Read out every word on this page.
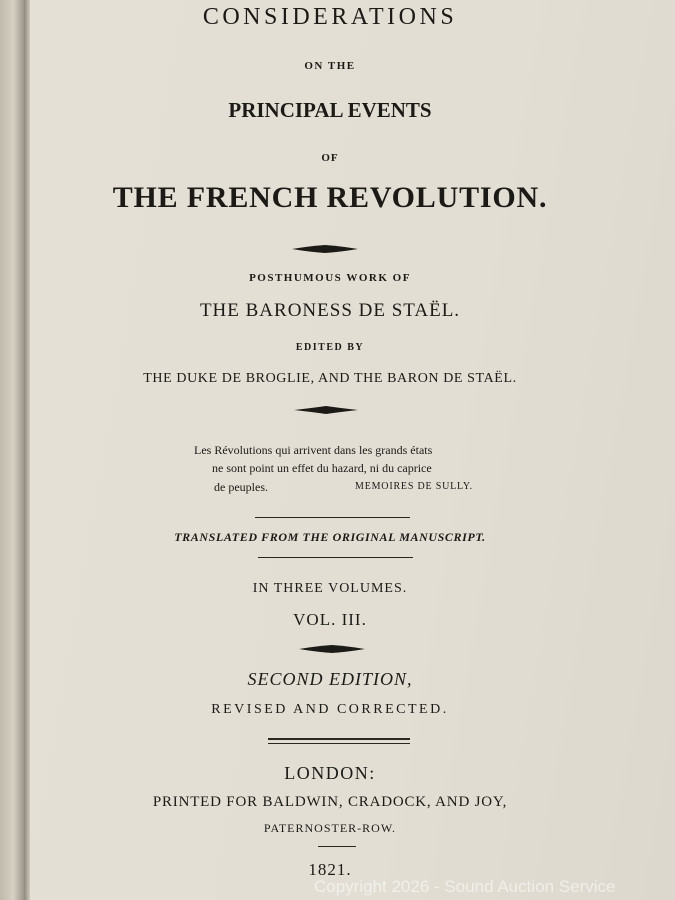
CONSIDERATIONS
ON THE
PRINCIPAL EVENTS
OF
THE FRENCH REVOLUTION.
POSTHUMOUS WORK OF
THE BARONESS DE STAËL.
EDITED BY
THE DUKE DE BROGLIE, AND THE BARON DE STAËL.
Les Révolutions qui arrivent dans les grands états
ne sont point un effet du hazard, ni du caprice
de peuples.	MEMOIRES DE SULLY.
TRANSLATED FROM THE ORIGINAL MANUSCRIPT.
IN THREE VOLUMES.
VOL. III.
SECOND EDITION,
REVISED AND CORRECTED.
LONDON:
PRINTED FOR BALDWIN, CRADOCK, AND JOY,
PATERNOSTER-ROW.
1821.
Copyright 2026 - Sound Auction Service
